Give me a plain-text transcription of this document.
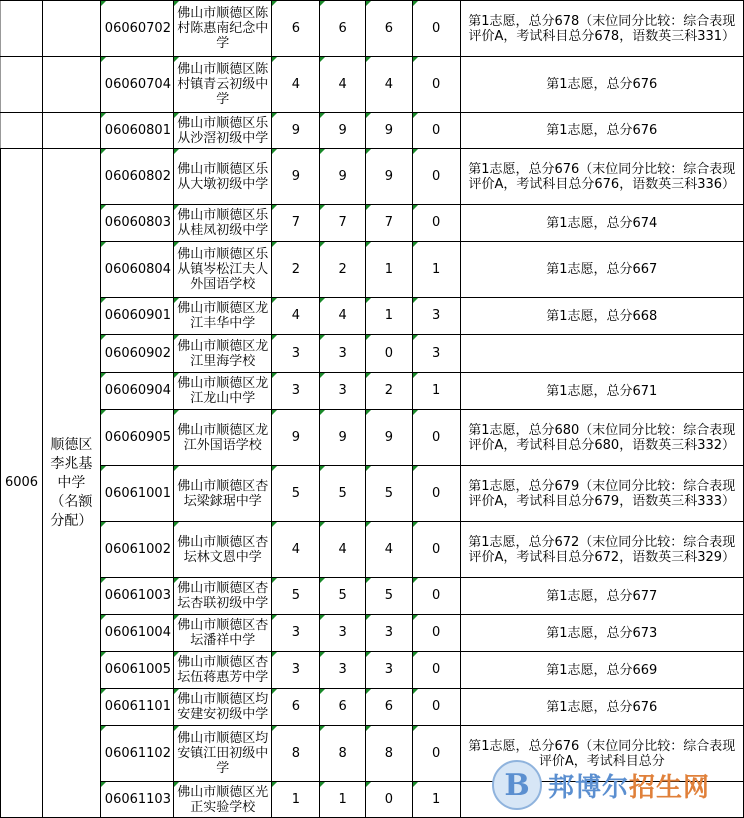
		06060702	佛山市顺德区陈村陈惠南纪念中学	6	6	6	0	第1志愿，总分678（末位同分比较：综合表现评价A，考试科目总分678，语数英三科331）
		06060704	佛山市顺德区陈村镇青云初级中学	4	4	4	0	第1志愿，总分676
		06060801	佛山市顺德区乐从沙滘初级中学	9	9	9	0	第1志愿，总分676
6006	顺德区李兆基中学（名额分配）	06060802	佛山市顺德区乐从大墩初级中学	9	9	9	0	第1志愿，总分676（末位同分比较：综合表现评价A，考试科目总分676，语数英三科336）
		06060803	佛山市顺德区乐从桂凤初级中学	7	7	7	0	第1志愿，总分674
		06060804	佛山市顺德区乐从镇岑松江夫人外国语学校	2	2	1	1	第1志愿，总分667
		06060901	佛山市顺德区龙江丰华中学	4	4	1	3	第1志愿，总分668
		06060902	佛山市顺德区龙江里海学校	3	3	0	3	
		06060904	佛山市顺德区龙江龙山中学	3	3	2	1	第1志愿，总分671
		06060905	佛山市顺德区龙江外国语学校	9	9	9	0	第1志愿，总分680（末位同分比较：综合表现评价A，考试科目总分680，语数英三科332）
		06061001	佛山市顺德区杏坛梁銶琚中学	5	5	5	0	第1志愿，总分679（末位同分比较：综合表现评价A，考试科目总分679，语数英三科333）
		06061002	佛山市顺德区杏坛林文恩中学	4	4	4	0	第1志愿，总分672（末位同分比较：综合表现评价A，考试科目总分672，语数英三科329）
		06061003	佛山市顺德区杏坛杏联初级中学	5	5	5	0	第1志愿，总分677
		06061004	佛山市顺德区杏坛潘祥中学	3	3	3	0	第1志愿，总分673
		06061005	佛山市顺德区杏坛伍蒋惠芳中学	3	3	3	0	第1志愿，总分669
		06061101	佛山市顺德区均安建安初级中学	6	6	6	0	第1志愿，总分676
		06061102	佛山市顺德区均安镇江田初级中学	8	8	8	0	第1志愿，总分676（末位同分比较：综合表现评价A，考试科目总分
		06061103	佛山市顺德区光正实验学校	1	1	0	1		B 邦博尔招生网
